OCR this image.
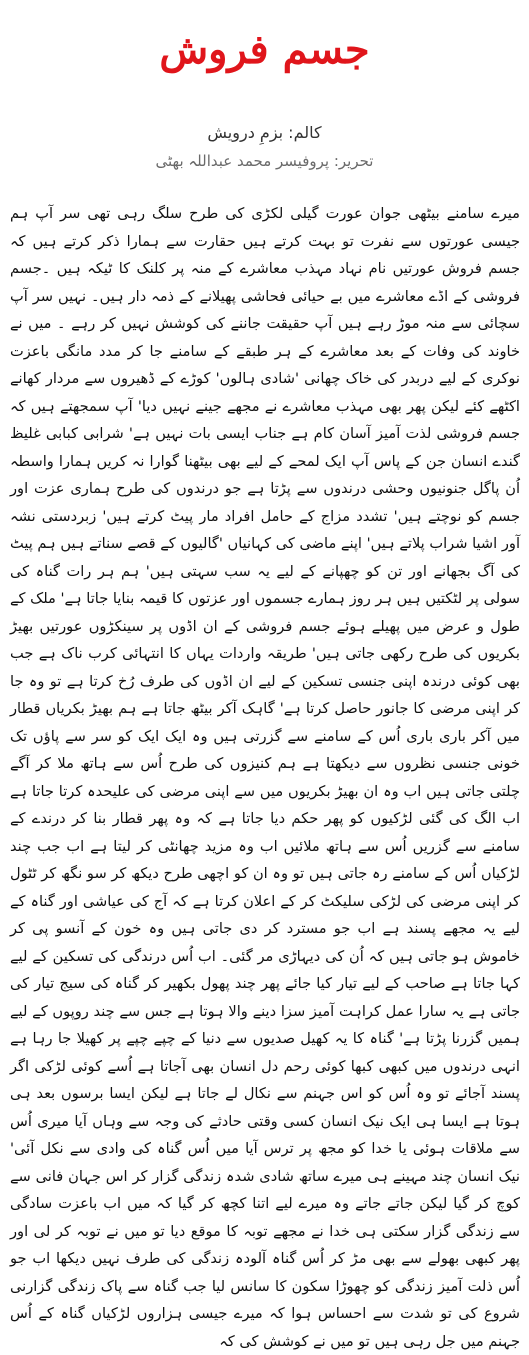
جسم فروش

کالم: بزمِ درویش

تحریر: پروفیسر محمد عبداللہ بھٹی

میرے سامنے بیٹھی جوان عورت گیلی لکڑی کی طرح سلگ رہی تھی سر آپ ہم جیسی عورتوں سے نفرت تو بہت کرتے ہیں حقارت سے ہمارا ذکر کرتے ہیں کہ جسم فروش عورتیں نام نہاد مہذب معاشرے کے منہ پر کلنک کا ٹیکہ ہیں ۔جسم فروشی کے اڈے معاشرے میں بے حیائی فحاشی پھیلانے کے ذمہ دار ہیں۔ نہیں سر آپ سچائی سے منہ موڑ رہے ہیں آپ حقیقت جاننے کی کوشش نہیں کر رہے ۔ میں نے خاوند کی وفات کے بعد معاشرے کے ہر طبقے کے سامنے جا کر مدد مانگی باعزت نوکری کے لیے دربدر کی خاک چھانی 'شادی ہالوں' کوڑے کے ڈھیروں سے مردار کھانے اکٹھے کئے لیکن پھر بھی مہذب معاشرے نے مجھے جینے نہیں دیا' آپ سمجھتے ہیں کہ جسم فروشی لذت آمیز آسان کام ہے جناب ایسی بات نہیں ہے' شرابی کبابی غلیظ گندے انسان جن کے پاس آپ ایک لمحے کے لیے بھی بیٹھنا گوارا نہ کریں ہمارا واسطہ اُن پاگل جنونیوں وحشی درندوں سے پڑتا ہے جو درندوں کی طرح ہماری عزت اور جسم کو نوچتے ہیں' تشدد مزاج کے حامل افراد مار پیٹ کرتے ہیں' زبردستی نشہ آور اشیا شراب پلاتے ہیں' اپنے ماضی کی کہانیاں 'گالیوں کے قصے سناتے ہیں ہم پیٹ کی آگ بجھانے اور تن کو چھپانے کے لیے یہ سب سہتی ہیں' ہم ہر رات گناہ کی سولی پر لٹکتیں ہیں ہر روز ہمارے جسموں اور عزتوں کا قیمہ بنایا جاتا ہے' ملک کے طول و عرض میں پھیلے ہوئے جسم فروشی کے ان اڈوں پر سینکڑوں عورتیں بھیڑ بکریوں کی طرح رکھی جاتی ہیں' طریقہ واردات یہاں کا انتہائی کرب ناک ہے جب بھی کوئی درندہ اپنی جنسی تسکین کے لیے ان اڈوں کی طرف رُخ کرتا ہے تو وہ جا کر اپنی مرضی کا جانور حاصل کرتا ہے' گاہک آکر بیٹھ جاتا ہے ہم بھیڑ بکریاں قطار میں آکر باری باری اُس کے سامنے سے گزرتی ہیں وہ ایک ایک کو سر سے پاؤں تک خونی جنسی نظروں سے دیکھتا ہے ہم کنیزوں کی طرح اُس سے ہاتھ ملا کر آگے چلتی جاتی ہیں اب وہ ان بھیڑ بکریوں میں سے اپنی مرضی کی علیحدہ کرتا جاتا ہے اب الگ کی گئی لڑکیوں کو پھر حکم دیا جاتا ہے کہ وہ پھر قطار بنا کر درندے کے سامنے سے گزریں اُس سے ہاتھ ملائیں اب وہ مزید چھانٹی کر لیتا ہے اب جب چند لڑکیاں اُس کے سامنے رہ جاتی ہیں تو وہ ان کو اچھی طرح دیکھ کر سو نگھ کر ٹٹول کر اپنی مرضی کی لڑکی سلیکٹ کر کے اعلان کرتا ہے کہ آج کی عیاشی اور گناہ کے لیے یہ مجھے پسند ہے اب جو مسترد کر دی جاتی ہیں وہ خون کے آنسو پی کر خاموش ہو جاتی ہیں کہ اُن کی دیہاڑی مر گئی۔ اب اُس درندگی کی تسکین کے لیے کہا جاتا ہے صاحب کے لیے تیار کیا جائے پھر چند پھول بکھیر کر گناہ کی سیج تیار کی جاتی ہے یہ سارا عمل کراہت آمیز سزا دینے والا ہوتا ہے جس سے چند روپوں کے لیے ہمیں گزرنا پڑتا ہے' گناہ کا یہ کھیل صدیوں سے دنیا کے چپے چپے پر کھیلا جا رہا ہے انہی درندوں میں کبھی کبھا کوئی رحم دل انسان بھی آجاتا ہے اُسے کوئی لڑکی اگر پسند آجائے تو وہ اُس کو اس جہنم سے نکال لے جاتا ہے لیکن ایسا برسوں بعد ہی ہوتا ہے ایسا ہی ایک نیک انسان کسی وقتی حادثے کی وجہ سے وہاں آیا میری اُس سے ملاقات ہوئی یا خدا کو مجھ پر ترس آیا میں اُس گناہ کی وادی سے نکل آئی' نیک انسان چند مہینے ہی میرے ساتھ شادی شدہ زندگی گزار کر اس جہان فانی سے کوچ کر گیا لیکن جاتے جاتے وہ میرے لیے اتنا کچھ کر گیا کہ میں اب باعزت سادگی سے زندگی گزار سکتی ہی خدا نے مجھے توبہ کا موقع دیا تو میں نے توبہ کر لی اور پھر کبھی بھولے سے بھی مڑ کر اُس گناہ آلودہ زندگی کی طرف نہیں دیکھا اب جو اُس ذلت آمیز زندگی کو چھوڑا سکون کا سانس لیا جب گناہ سے پاک زندگی گزارنی شروع کی تو شدت سے احساس ہوا کہ میرے جیسی ہزاروں لڑکیاں گناہ کے اُس جہنم میں جل رہی ہیں تو میں نے کوشش کی کہ
